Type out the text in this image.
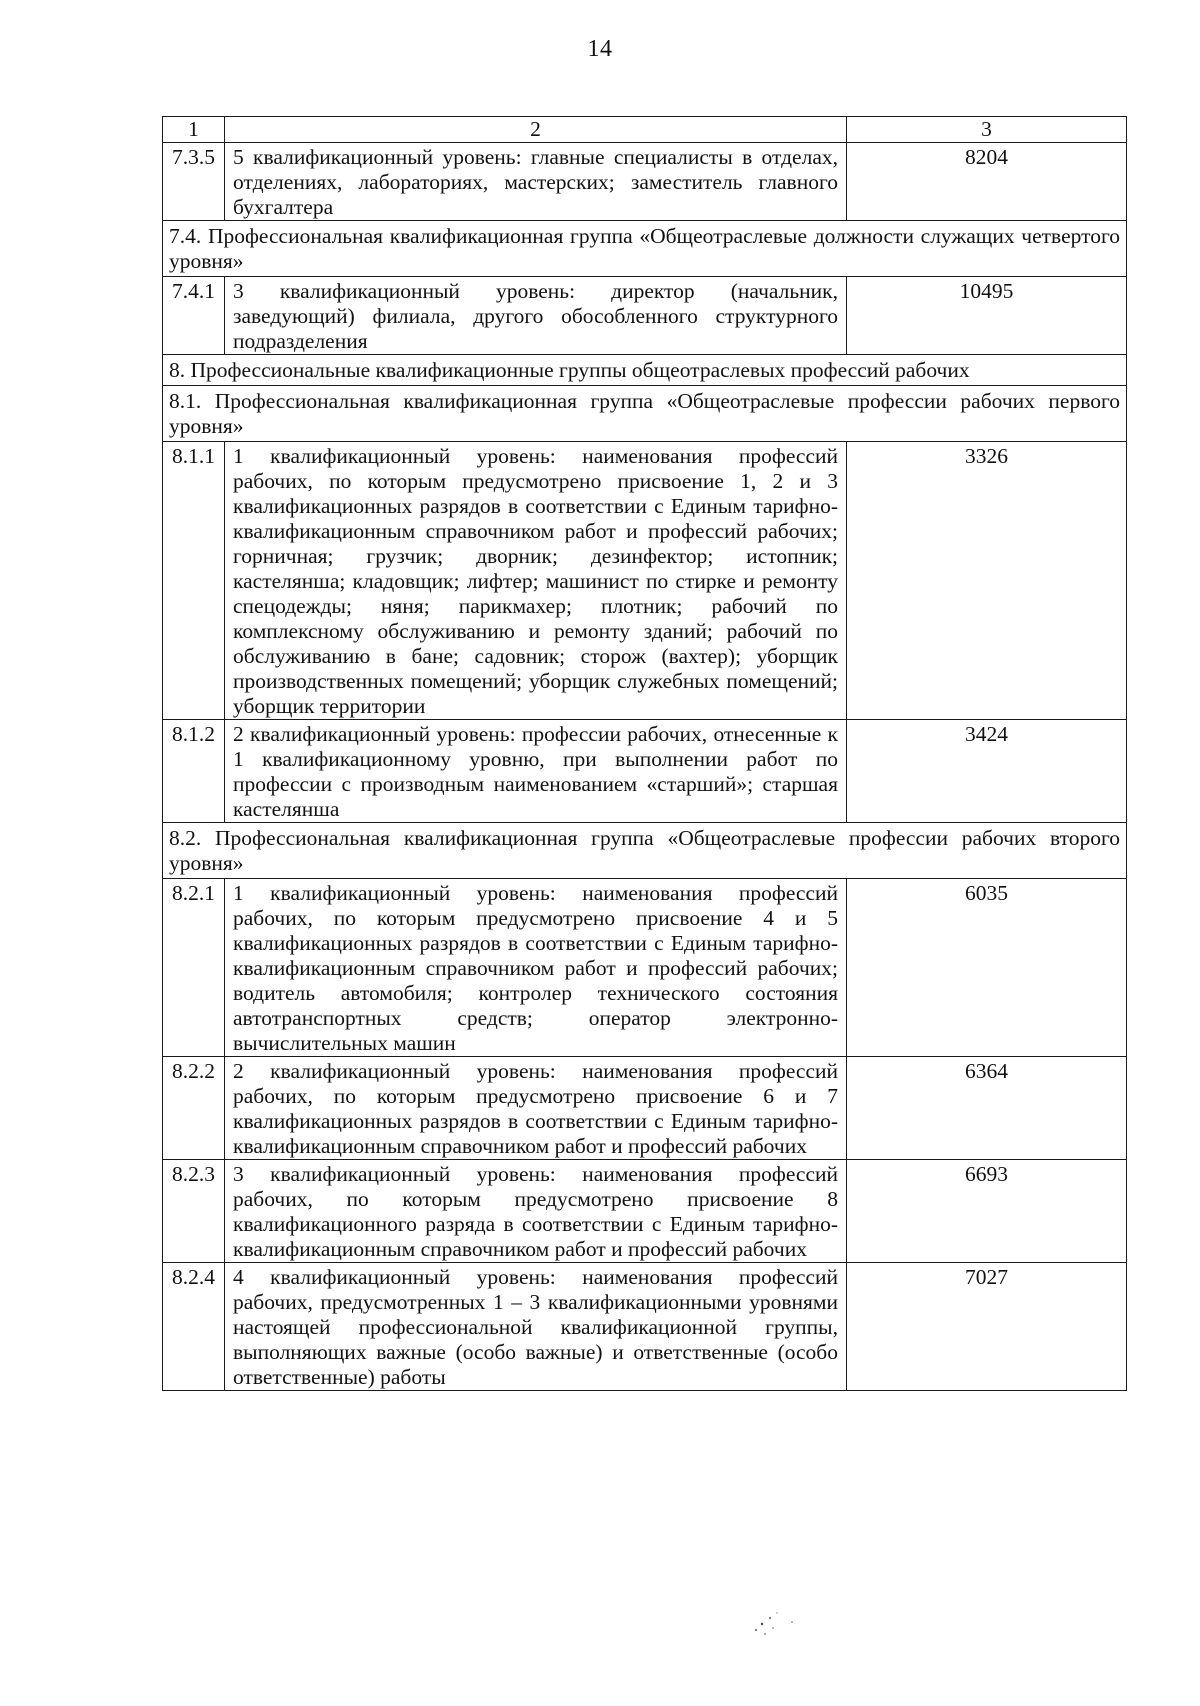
14
1	2	3
7.3.5	5 квалификационный уровень: главные специалисты в отделах, отделениях, лабораториях, мастерских; заместитель главного бухгалтера	8204
7.4. Профессиональная квалификационная группа «Общеотраслевые должности служащих четвертого уровня»		
7.4.1	3 квалификационный уровень: директор (начальник, заведующий) филиала, другого обособленного структурного подразделения	10495
8. Профессиональные квалификационные группы общеотраслевых профессий рабочих		
8.1. Профессиональная квалификационная группа «Общеотраслевые профессии рабочих первого уровня»		
8.1.1	1 квалификационный уровень: наименования профессий рабочих, по которым предусмотрено присвоение 1, 2 и 3 квалификационных разрядов в соответствии с Единым тарифно-квалификационным справочником работ и профессий рабочих; горничная; грузчик; дворник; дезинфектор; истопник; кастелянша; кладовщик; лифтер; машинист по стирке и ремонту спецодежды; няня; парикмахер; плотник; рабочий по комплексному обслуживанию и ремонту зданий; рабочий по обслуживанию в бане; садовник; сторож (вахтер); уборщик производственных помещений; уборщик служебных помещений; уборщик территории	3326
8.1.2	2 квалификационный уровень: профессии рабочих, отнесенные к 1 квалификационному уровню, при выполнении работ по профессии с производным наименованием «старший»; старшая кастелянша	3424
8.2. Профессиональная квалификационная группа «Общеотраслевые профессии рабочих второго уровня»		
8.2.1	1 квалификационный уровень: наименования профессий рабочих, по которым предусмотрено присвоение 4 и 5 квалификационных разрядов в соответствии с Единым тарифно-квалификационным справочником работ и профессий рабочих; водитель автомобиля; контролер технического состояния автотранспортных средств; оператор электронно-вычислительных машин	6035
8.2.2	2 квалификационный уровень: наименования профессий рабочих, по которым предусмотрено присвоение 6 и 7 квалификационных разрядов в соответствии с Единым тарифно-квалификационным справочником работ и профессий рабочих	6364
8.2.3	3 квалификационный уровень: наименования профессий рабочих, по которым предусмотрено присвоение 8 квалификационного разряда в соответствии с Единым тарифно-квалификационным справочником работ и профессий рабочих	6693
8.2.4	4 квалификационный уровень: наименования профессий рабочих, предусмотренных 1 – 3 квалификационными уровнями настоящей профессиональной квалификационной группы, выполняющих важные (особо важные) и ответственные (особо ответственные) работы	7027
